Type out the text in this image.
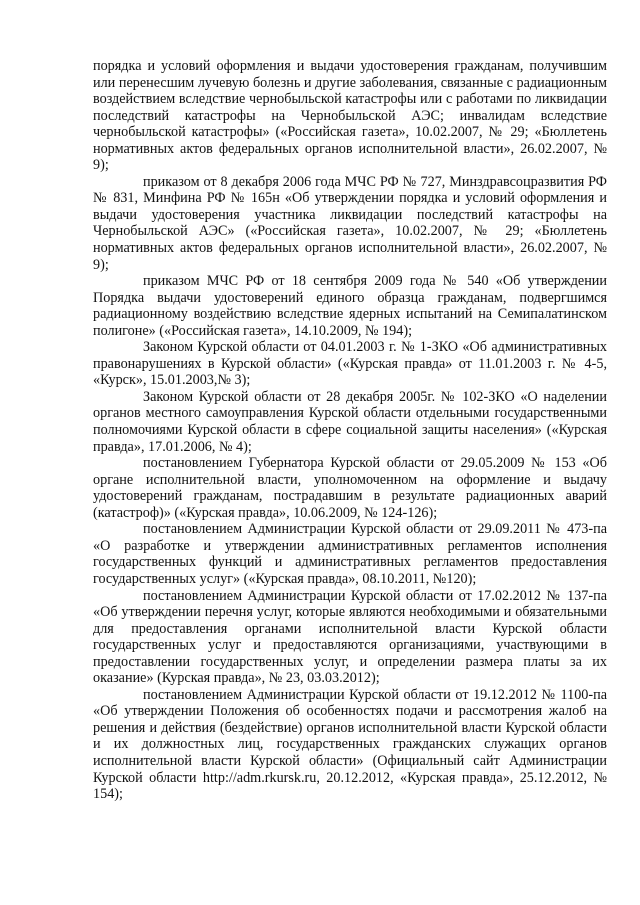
порядка и условий оформления и выдачи удостоверения гражданам, получившим или перенесшим лучевую болезнь и другие заболевания, связанные с радиационным воздействием вследствие чернобыльской катастрофы или с работами по ликвидации последствий катастрофы на Чернобыльской АЭС; инвалидам вследствие чернобыльской катастрофы» («Российская газета», 10.02.2007, № 29; «Бюллетень нормативных актов федеральных органов исполнительной власти», 26.02.2007, № 9);

приказом от 8 декабря 2006 года МЧС РФ № 727, Минздравсоцразвития РФ № 831, Минфина РФ № 165н «Об утверждении порядка и условий оформления и выдачи удостоверения участника ликвидации последствий катастрофы на Чернобыльской АЭС» («Российская газета», 10.02.2007, № 29; «Бюллетень нормативных актов федеральных органов исполнительной власти», 26.02.2007, № 9);

приказом МЧС РФ от 18 сентября 2009 года № 540 «Об утверждении Порядка выдачи удостоверений единого образца гражданам, подвергшимся радиационному воздействию вследствие ядерных испытаний на Семипалатинском полигоне» («Российская газета», 14.10.2009, № 194);

Законом Курской области от 04.01.2003 г. № 1-ЗКО «Об административных правонарушениях в Курской области» («Курская правда» от 11.01.2003 г. № 4-5, «Курск», 15.01.2003,№ 3);

Законом Курской области от 28 декабря 2005г. № 102-ЗКО «О наделении органов местного самоуправления Курской области отдельными государственными полномочиями Курской области в сфере социальной защиты населения» («Курская правда», 17.01.2006, № 4);

постановлением Губернатора Курской области от 29.05.2009 № 153 «Об органе исполнительной власти, уполномоченном на оформление и выдачу удостоверений гражданам, пострадавшим в результате радиационных аварий (катастроф)» («Курская правда», 10.06.2009, № 124-126);

постановлением Администрации Курской области от 29.09.2011 № 473-па «О разработке и утверждении административных регламентов исполнения государственных функций и административных регламентов предоставления государственных услуг» («Курская правда», 08.10.2011, №120);

постановлением Администрации Курской области от 17.02.2012 № 137-па «Об утверждении перечня услуг, которые являются необходимыми и обязательными для предоставления органами исполнительной власти Курской области государственных услуг и предоставляются организациями, участвующими в предоставлении государственных услуг, и определении размера платы за их оказание» (Курская правда», № 23, 03.03.2012);

постановлением Администрации Курской области от 19.12.2012 № 1100-па «Об утверждении Положения об особенностях подачи и рассмотрения жалоб на решения и действия (бездействие) органов исполнительной власти Курской области и их должностных лиц, государственных гражданских служащих органов исполнительной власти Курской области» (Официальный сайт Администрации Курской области http://adm.rkursk.ru, 20.12.2012, «Курская правда», 25.12.2012, № 154);
